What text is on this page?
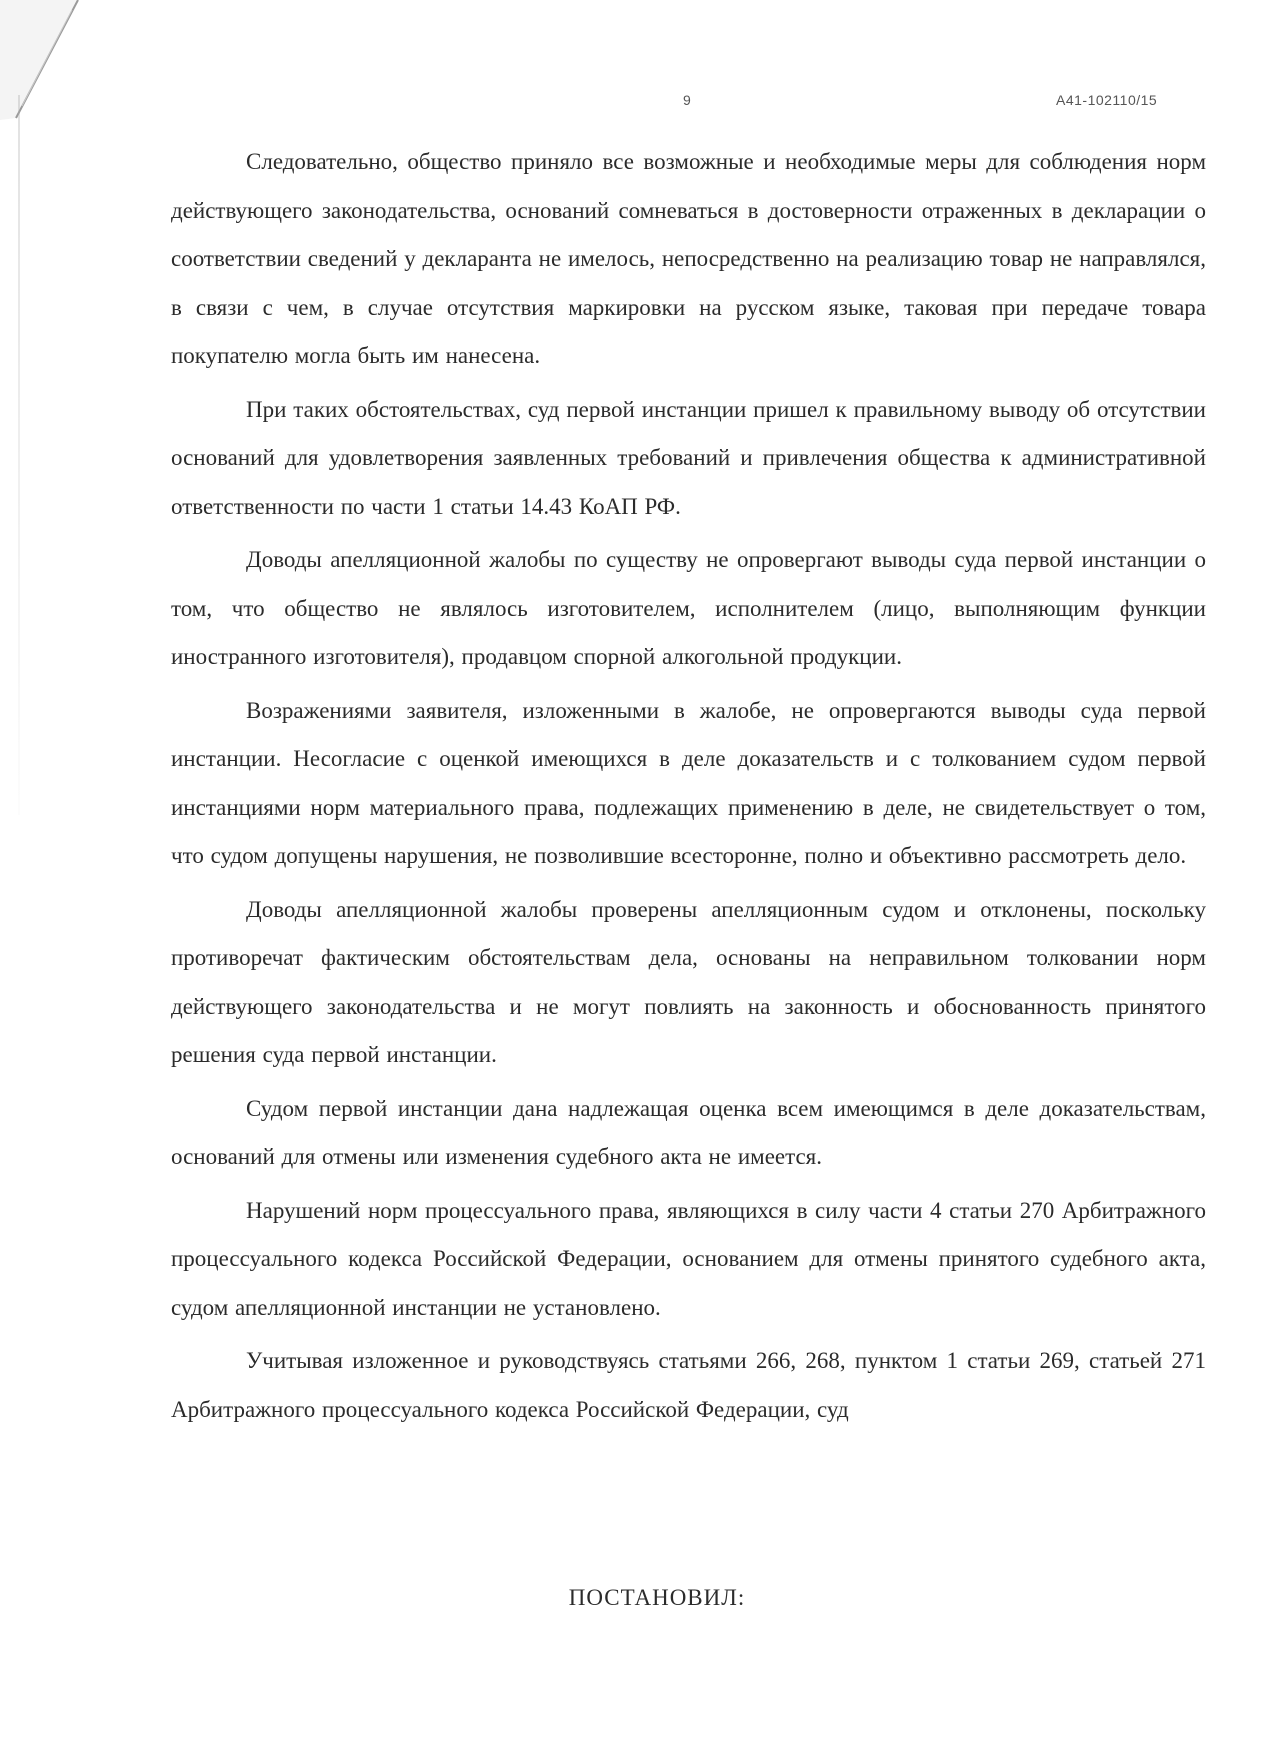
9	А41-102110/15

Следовательно, общество приняло все возможные и необходимые меры для соблюдения норм действующего законодательства, оснований сомневаться в достоверности отраженных в декларации о соответствии сведений у декларанта не имелось, непосредственно на реализацию товар не направлялся, в связи с чем, в случае отсутствия маркировки на русском языке, таковая при передаче товара покупателю могла быть им нанесена.

При таких обстоятельствах, суд первой инстанции пришел к правильному выводу об отсутствии оснований для удовлетворения заявленных требований и привлечения общества к административной ответственности по части 1 статьи 14.43 КоАП РФ.

Доводы апелляционной жалобы по существу не опровергают выводы суда первой инстанции о том, что общество не являлось изготовителем, исполнителем (лицо, выполняющим функции иностранного изготовителя), продавцом спорной алкогольной продукции.

Возражениями заявителя, изложенными в жалобе, не опровергаются выводы суда первой инстанции. Несогласие с оценкой имеющихся в деле доказательств и с толкованием судом первой инстанциями норм материального права, подлежащих применению в деле, не свидетельствует о том, что судом допущены нарушения, не позволившие всесторонне, полно и объективно рассмотреть дело.

Доводы апелляционной жалобы проверены апелляционным судом и отклонены, поскольку противоречат фактическим обстоятельствам дела, основаны на неправильном толковании норм действующего законодательства и не могут повлиять на законность и обоснованность принятого решения суда первой инстанции.

Судом первой инстанции дана надлежащая оценка всем имеющимся в деле доказательствам, оснований для отмены или изменения судебного акта не имеется.

Нарушений норм процессуального права, являющихся в силу части 4 статьи 270 Арбитражного процессуального кодекса Российской Федерации, основанием для отмены принятого судебного акта, судом апелляционной инстанции не установлено.

Учитывая изложенное и руководствуясь статьями 266, 268, пунктом 1 статьи 269, статьей 271 Арбитражного процессуального кодекса Российской Федерации, суд

ПОСТАНОВИЛ:
